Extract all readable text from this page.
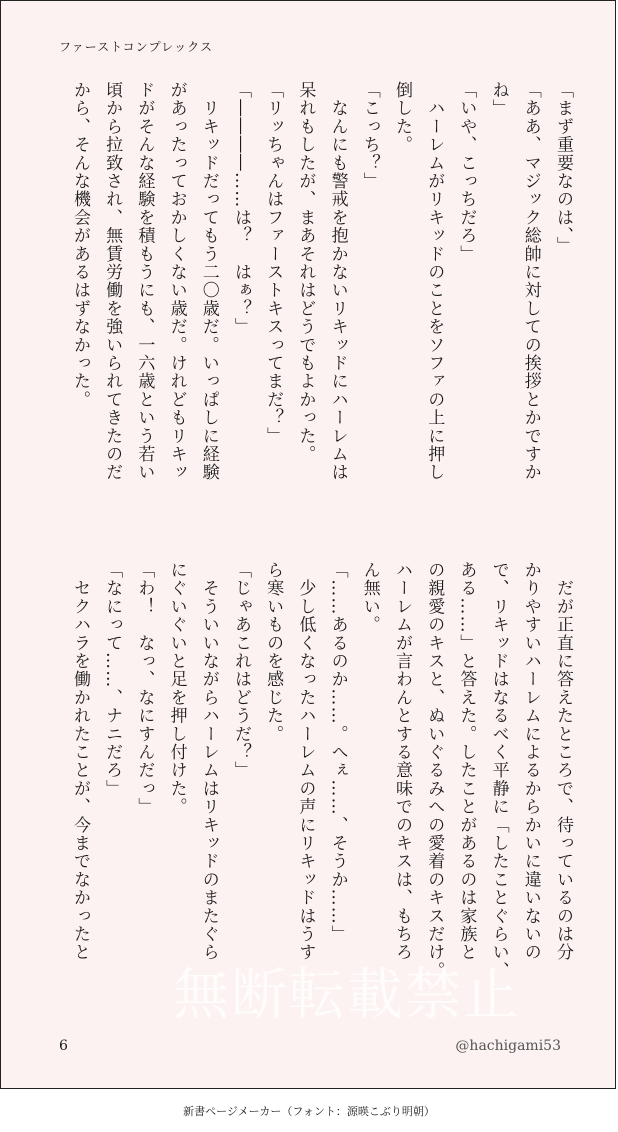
ファーストコンプレックス
「まず重要なのは、」
「ああ、マジック総帥に対しての挨拶とかですか
ね」
「いや、こっちだろ」
　ハーレムがリキッドのことをソファの上に押し
倒した。
「こっち？」
　なんにも警戒を抱かないリキッドにハーレムは
呆れもしたが、まあそれはどうでもよかった。
「リッちゃんはファーストキスってまだ？」
「――――……は？　はぁ？」
　リキッドだってもう二〇歳だ。いっぱしに経験
があったっておかしくない歳だ。けれどもリキッ
ドがそんな経験を積もうにも、一六歳という若い
頃から拉致され、無賃労働を強いられてきたのだ
から、そんな機会があるはずなかった。
　だが正直に答えたところで、待っているのは分
かりやすいハーレムによるからかいに違いないの
で、リキッドはなるべく平静に「したことぐらい、
ある……」と答えた。したことがあるのは家族と
の親愛のキスと、ぬいぐるみへの愛着のキスだけ。
ハーレムが言わんとする意味でのキスは、もちろ
ん無い。
「……あるのか……。へぇ……、そうか……」
　少し低くなったハーレムの声にリキッドはうす
ら寒いものを感じた。
「じゃあこれはどうだ？」
　そういいながらハーレムはリキッドのまたぐら
にぐいぐいと足を押し付けた。
「わ！　なっ、なにすんだっ」
「なにって……、ナニだろ」
　セクハラを働かれたことが、今までなかったと
無断転載禁止
6	@hachigami53
新書ページメーカー（フォント：源暎こぶり明朝）
